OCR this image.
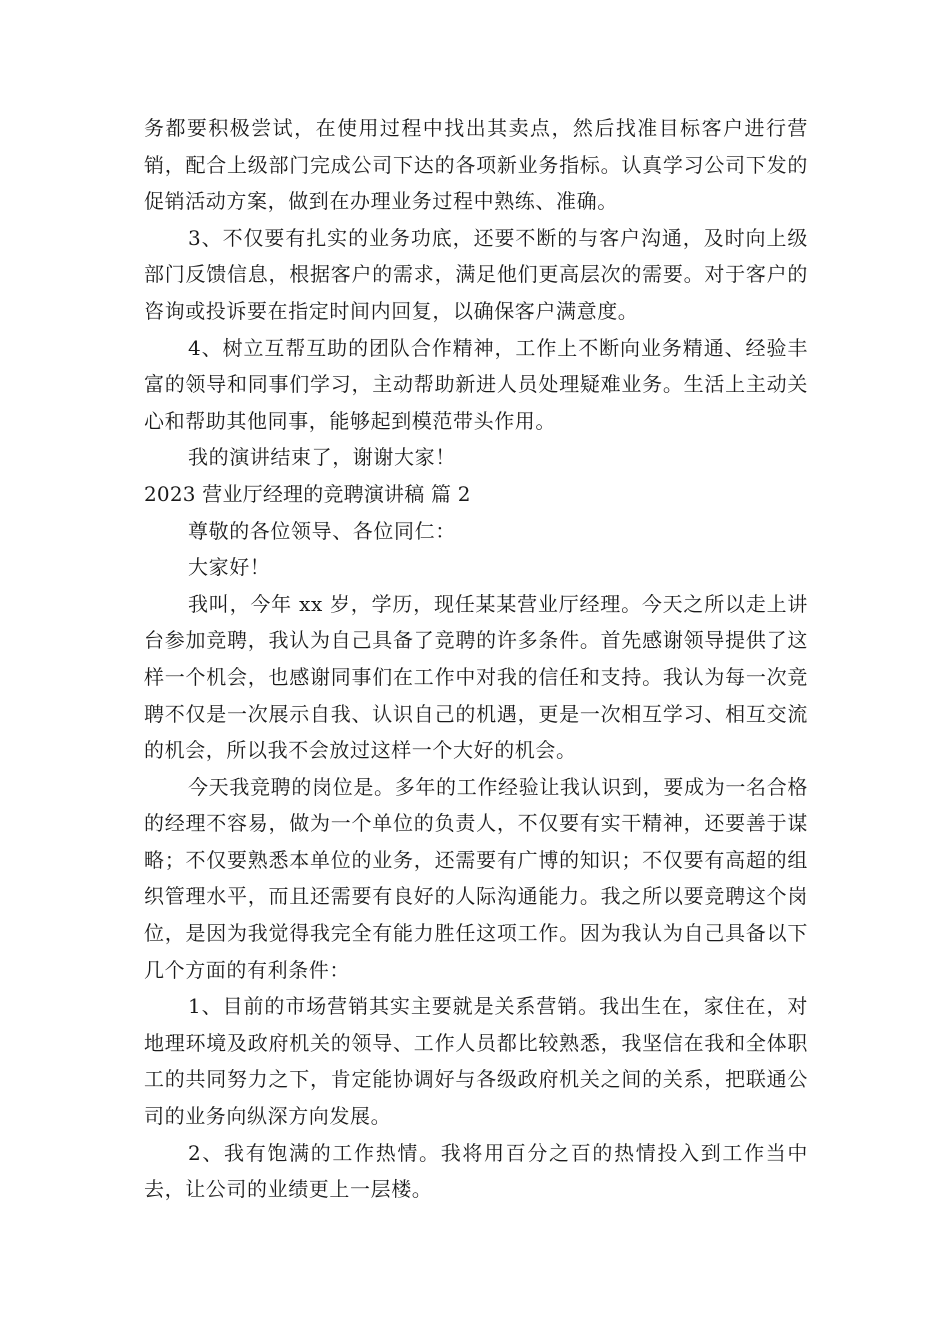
务都要积极尝试，在使用过程中找出其卖点，然后找准目标客户进行营销，配合上级部门完成公司下达的各项新业务指标。认真学习公司下发的促销活动方案，做到在办理业务过程中熟练、准确。

3、不仅要有扎实的业务功底，还要不断的与客户沟通，及时向上级部门反馈信息，根据客户的需求，满足他们更高层次的需要。对于客户的咨询或投诉要在指定时间内回复，以确保客户满意度。

4、树立互帮互助的团队合作精神，工作上不断向业务精通、经验丰富的领导和同事们学习，主动帮助新进人员处理疑难业务。生活上主动关心和帮助其他同事，能够起到模范带头作用。

我的演讲结束了，谢谢大家！

2023 营业厅经理的竞聘演讲稿 篇 2

尊敬的各位领导、各位同仁：

大家好！

我叫，今年 xx 岁，学历，现任某某营业厅经理。今天之所以走上讲台参加竞聘，我认为自己具备了竞聘的许多条件。首先感谢领导提供了这样一个机会，也感谢同事们在工作中对我的信任和支持。我认为每一次竞聘不仅是一次展示自我、认识自己的机遇，更是一次相互学习、相互交流的机会，所以我不会放过这样一个大好的机会。

今天我竞聘的岗位是。多年的工作经验让我认识到，要成为一名合格的经理不容易，做为一个单位的负责人，不仅要有实干精神，还要善于谋略；不仅要熟悉本单位的业务，还需要有广博的知识；不仅要有高超的组织管理水平，而且还需要有良好的人际沟通能力。我之所以要竞聘这个岗位，是因为我觉得我完全有能力胜任这项工作。因为我认为自己具备以下几个方面的有利条件：

1、目前的市场营销其实主要就是关系营销。我出生在，家住在，对地理环境及政府机关的领导、工作人员都比较熟悉，我坚信在我和全体职工的共同努力之下，肯定能协调好与各级政府机关之间的关系，把联通公司的业务向纵深方向发展。

2、我有饱满的工作热情。我将用百分之百的热情投入到工作当中去，让公司的业绩更上一层楼。
